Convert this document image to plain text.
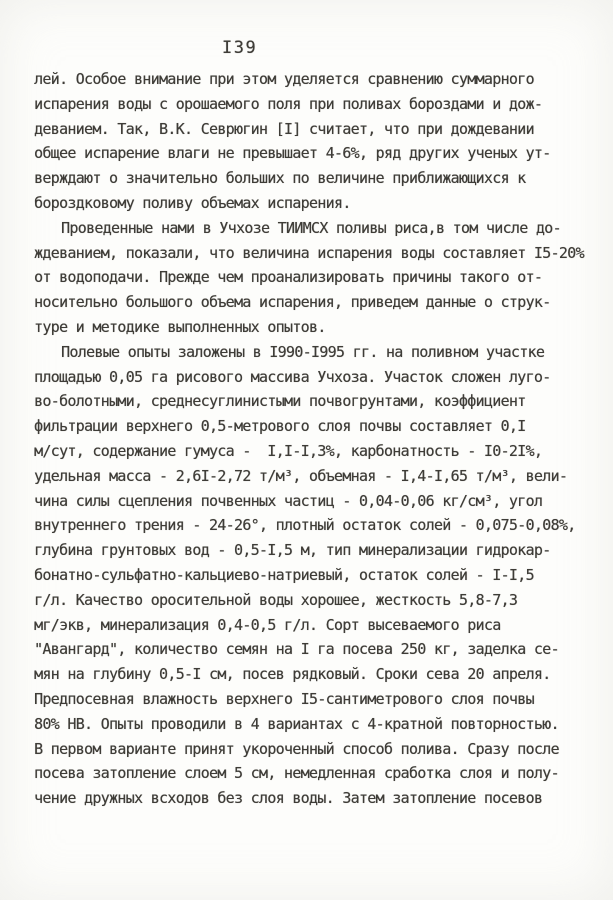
I39
лей. Особое внимание при этом уделяется сравнению суммарного
испарения воды с орошаемого поля при поливах бороздами и дож-
деванием. Так, В.К. Севрюгин [I] считает, что при дождевании
общее испарение влаги не превышает 4-6%, ряд других ученых ут-
верждают о значительно больших по величине приближающихся к
бороздковому поливу объемах испарения.
Проведенные нами в Учхозе ТИИМСХ поливы риса,в том числе до-
ждеванием, показали, что величина испарения воды составляет I5-20%
от водоподачи. Прежде чем проанализировать причины такого от-
носительно большого объема испарения, приведем данные о струк-
туре и методике выполненных опытов.
Полевые опыты заложены в I990-I995 гг. на поливном участке
площадью 0,05 га рисового массива Учхоза. Участок сложен луго-
во-болотными, среднесуглинистыми почвогрунтами, коэффициент
фильтрации верхнего 0,5-метрового слоя почвы составляет 0,I
м/сут, содержание гумуса -  I,I-I,3%, карбонатность - I0-2I%,
удельная масса - 2,6I-2,72 т/м³, объемная - I,4-I,65 т/м³, вели-
чина силы сцепления почвенных частиц - 0,04-0,06 кг/см³, угол
внутреннего трения - 24-26°, плотный остаток солей - 0,075-0,08%,
глубина грунтовых вод - 0,5-I,5 м, тип минерализации гидрокар-
бонатно-сульфатно-кальциево-натриевый, остаток солей - I-I,5
г/л. Качество оросительной воды хорошее, жесткость 5,8-7,3
мг/экв, минерализация 0,4-0,5 г/л. Сорт высеваемого риса
"Авангард", количество семян на I га посева 250 кг, заделка се-
мян на глубину 0,5-I см, посев рядковый. Сроки сева 20 апреля.
Предпосевная влажность верхнего I5-сантиметрового слоя почвы
80% НВ. Опыты проводили в 4 вариантах с 4-кратной повторностью.
В первом варианте принят укороченный способ полива. Сразу после
посева затопление слоем 5 см, немедленная сработка слоя и полу-
чение дружных всходов без слоя воды. Затем затопление посевов
